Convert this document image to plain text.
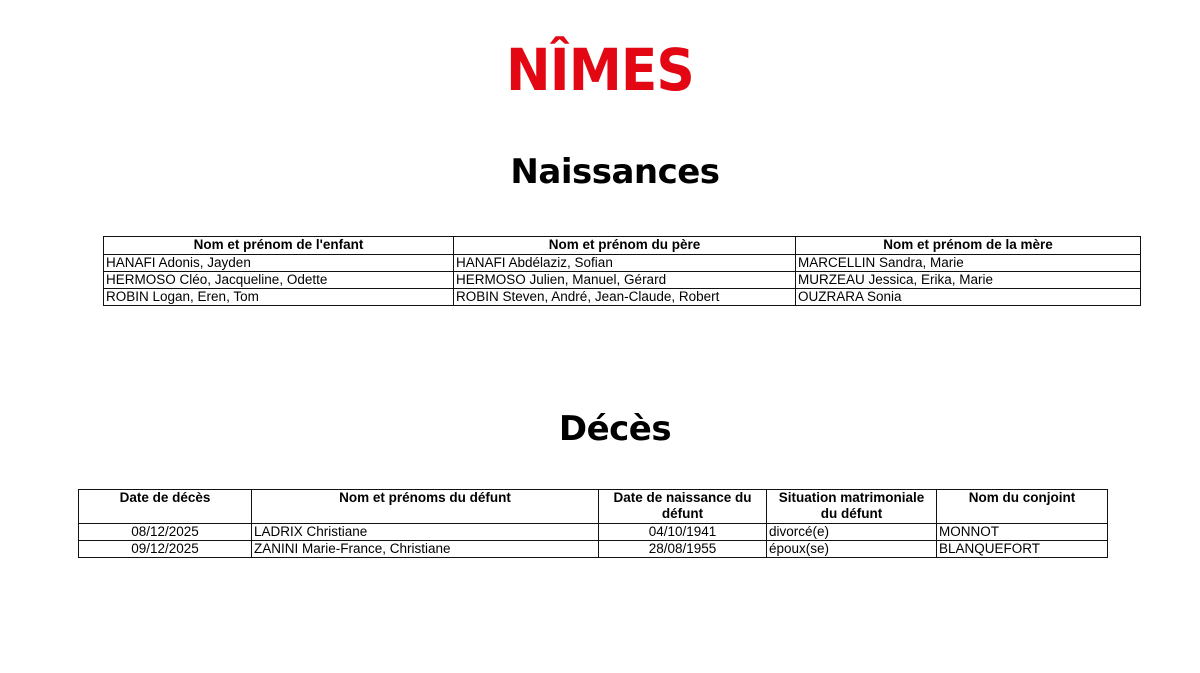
NÎMES
Naissances
Nom et prénom de l'enfant	Nom et prénom du père	Nom et prénom de la mère
HANAFI Adonis, Jayden	HANAFI Abdélaziz, Sofian	MARCELLIN Sandra, Marie
HERMOSO Cléo, Jacqueline, Odette	HERMOSO Julien, Manuel, Gérard	MURZEAU Jessica, Erika, Marie
ROBIN Logan, Eren, Tom	ROBIN Steven, André, Jean-Claude, Robert	OUZRARA Sonia
Décès
Date de décès	Nom et prénoms du défunt	Date de naissance du défunt	Situation matrimoniale du défunt	Nom du conjoint
08/12/2025	LADRIX Christiane	04/10/1941	divorcé(e)	MONNOT
09/12/2025	ZANINI Marie-France, Christiane	28/08/1955	époux(se)	BLANQUEFORT
